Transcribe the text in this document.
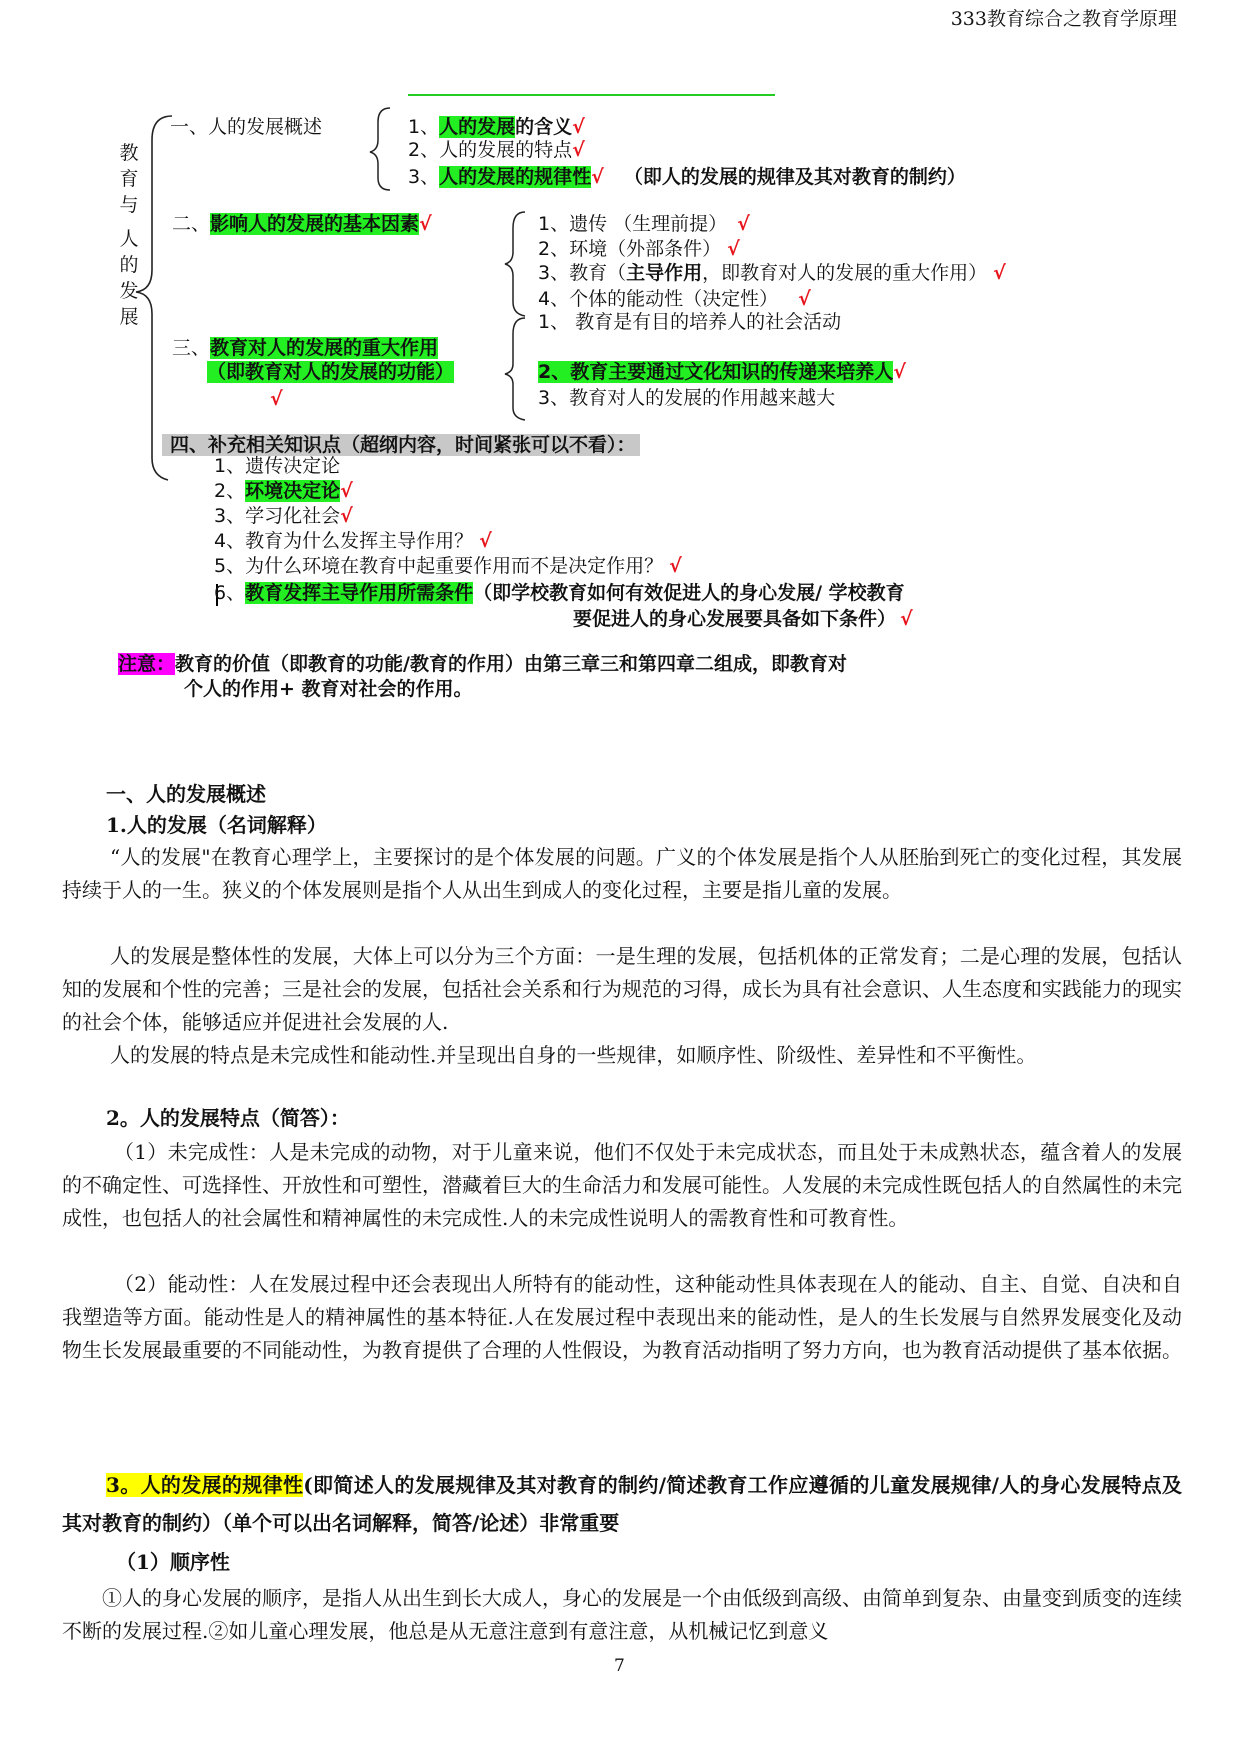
333教育综合之教育学原理
教
育
与
人
的
发
展
一、人的发展概述	1、人的发展的含义√
2、人的发展的特点√
3、人的发展的规律性√ （即人的发展的规律及其对教育的制约）
二、影响人的发展的基本因素√	1、遗传 （生理前提） √
2、环境（外部条件） √
3、教育（主导作用，即教育对人的发展的重大作用） √
4、个体的能动性（决定性） √
三、教育对人的发展的重大作用
（即教育对人的发展的功能）
√
1、 教育是有目的培养人的社会活动
2、教育主要通过文化知识的传递来培养人√
3、教育对人的发展的作用越来越大
四、补充相关知识点（超纲内容，时间紧张可以不看）：
1、遗传决定论
2、环境决定论√
3、学习化社会√
4、教育为什么发挥主导作用？ √
5、为什么环境在教育中起重要作用而不是决定作用？ √
6、教育发挥主导作用所需条件（即学校教育如何有效促进人的身心发展/ 学校教育
要促进人的身心发展要具备如下条件） √
注意：教育的价值（即教育的功能/教育的作用）由第三章三和第四章二组成，即教育对
个人的作用+ 教育对社会的作用。
一、人的发展概述
1.人的发展（名词解释）
“人的发展"在教育心理学上，主要探讨的是个体发展的问题。广义的个体发展是指个人从胚胎到死亡的变化过程，其发展持续于人的一生。狭义的个体发展则是指个人从出生到成人的变化过程，主要是指儿童的发展。
人的发展是整体性的发展，大体上可以分为三个方面：一是生理的发展，包括机体的正常发育；二是心理的发展，包括认知的发展和个性的完善；三是社会的发展，包括社会关系和行为规范的习得，成长为具有社会意识、人生态度和实践能力的现实的社会个体，能够适应并促进社会发展的人.
人的发展的特点是未完成性和能动性.并呈现出自身的一些规律，如顺序性、阶级性、差异性和不平衡性。
2。人的发展特点（简答）：
（1）未完成性：人是未完成的动物，对于儿童来说，他们不仅处于未完成状态，而且处于未成熟状态，蕴含着人的发展的不确定性、可选择性、开放性和可塑性，潜藏着巨大的生命活力和发展可能性。人发展的未完成性既包括人的自然属性的未完成性，也包括人的社会属性和精神属性的未完成性.人的未完成性说明人的需教育性和可教育性。
（2）能动性：人在发展过程中还会表现出人所特有的能动性，这种能动性具体表现在人的能动、自主、自觉、自决和自我塑造等方面。能动性是人的精神属性的基本特征.人在发展过程中表现出来的能动性，是人的生长发展与自然界发展变化及动物生长发展最重要的不同能动性，为教育提供了合理的人性假设，为教育活动指明了努力方向，也为教育活动提供了基本依据。
3。人的发展的规律性(即简述人的发展规律及其对教育的制约/简述教育工作应遵循的儿童发展规律/人的身心发展特点及其对教育的制约）（单个可以出名词解释，简答/论述）非常重要
（1）顺序性
①人的身心发展的顺序，是指人从出生到长大成人，身心的发展是一个由低级到高级、由简单到复杂、由量变到质变的连续不断的发展过程.②如儿童心理发展，他总是从无意注意到有意注意，从机械记忆到意义
7
